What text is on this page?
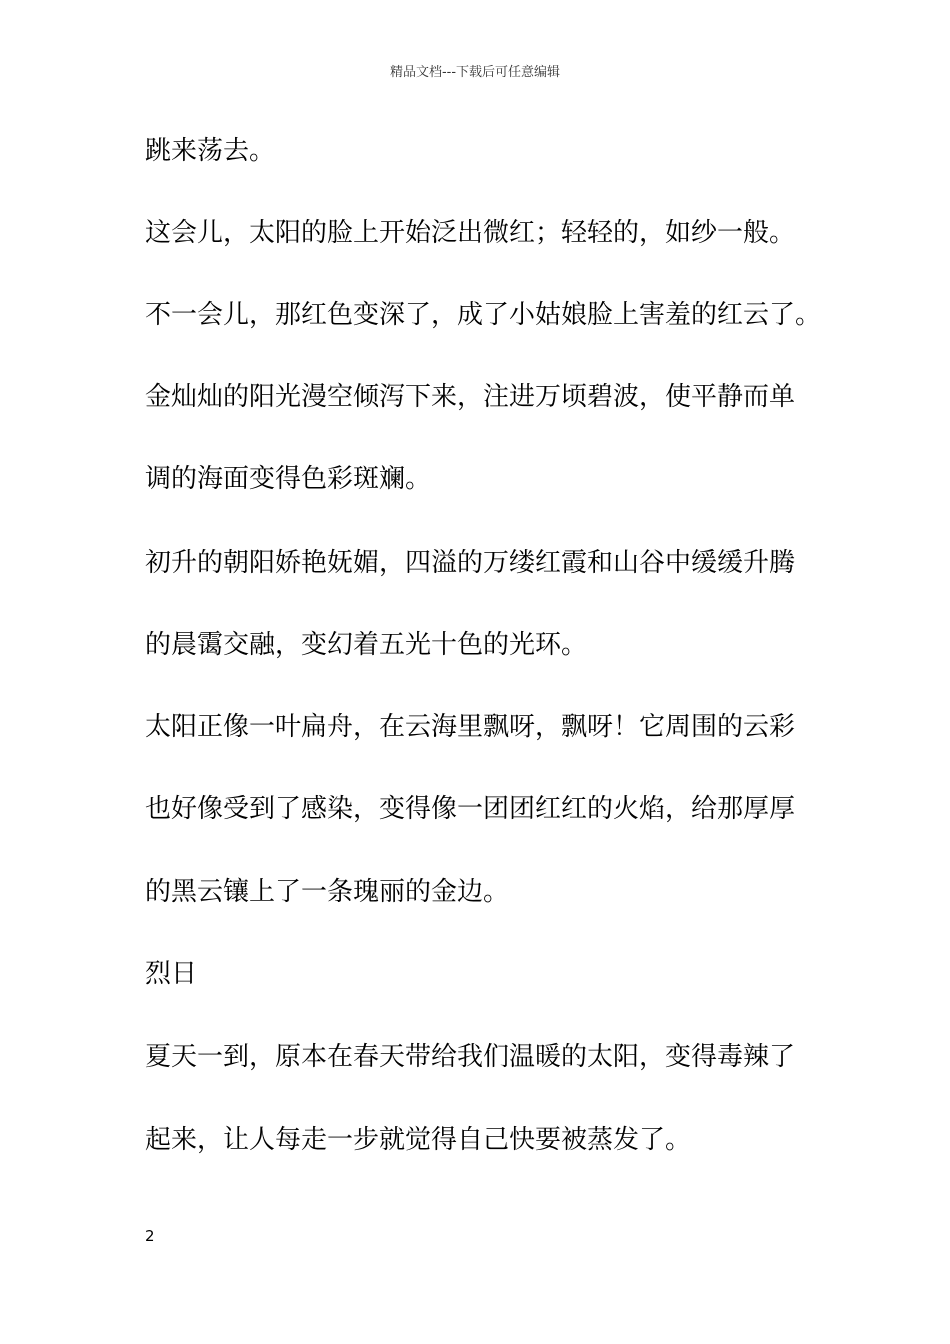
精品文档---下载后可任意编辑
跳来荡去。
这会儿，太阳的脸上开始泛出微红；轻轻的，如纱一般。
不一会儿，那红色变深了，成了小姑娘脸上害羞的红云了。
金灿灿的阳光漫空倾泻下来，注进万顷碧波，使平静而单
调的海面变得色彩斑斓。
初升的朝阳娇艳妩媚，四溢的万缕红霞和山谷中缓缓升腾
的晨霭交融，变幻着五光十色的光环。
太阳正像一叶扁舟，在云海里飘呀，飘呀！它周围的云彩
也好像受到了感染，变得像一团团红红的火焰，给那厚厚
的黑云镶上了一条瑰丽的金边。
烈日
夏天一到，原本在春天带给我们温暖的太阳，变得毒辣了
起来，让人每走一步就觉得自己快要被蒸发了。
2
